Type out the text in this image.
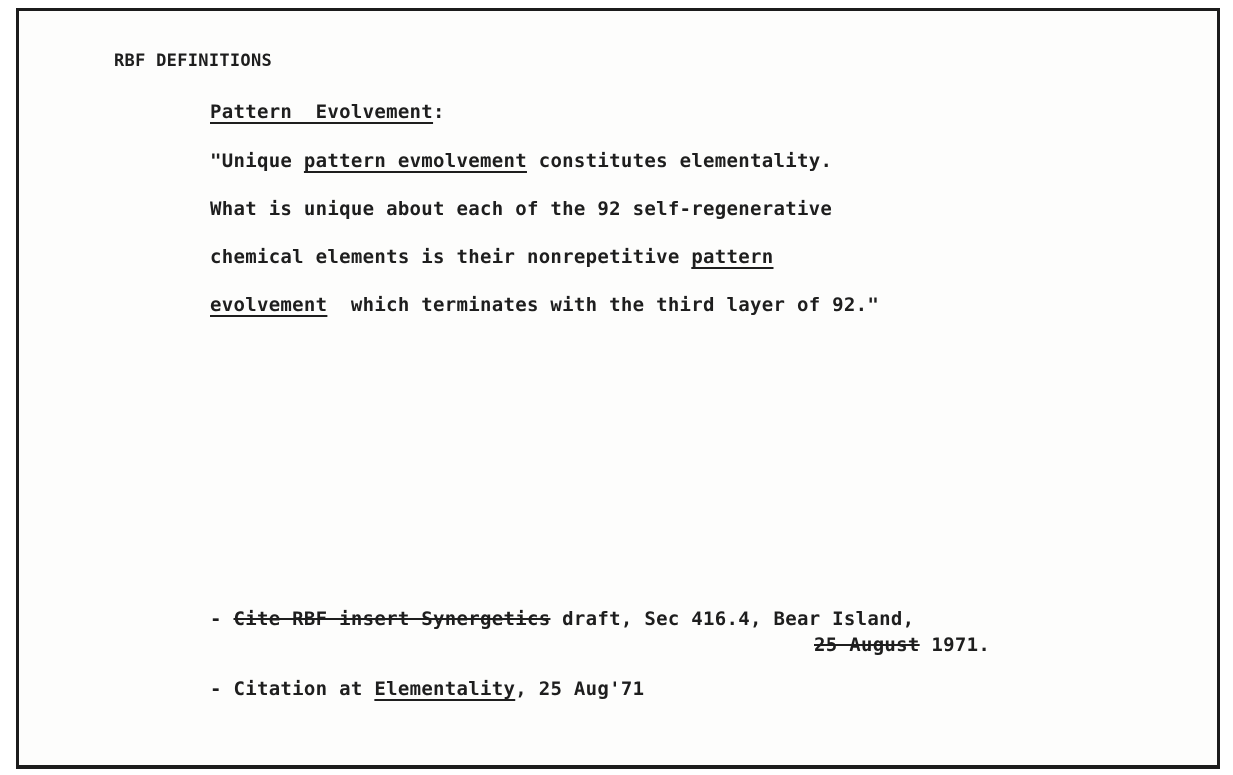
RBF DEFINITIONS
Pattern  Evolvement:
"Unique pattern evmolvement constitutes elementality.
What is unique about each of the 92 self-regenerative
chemical elements is their nonrepetitive pattern
evolvement  which terminates with the third layer of 92."
- Cite RBF insert Synergetics draft, Sec 416.4, Bear Island,
25 August 1971.
- Citation at Elementality, 25 Aug'71
